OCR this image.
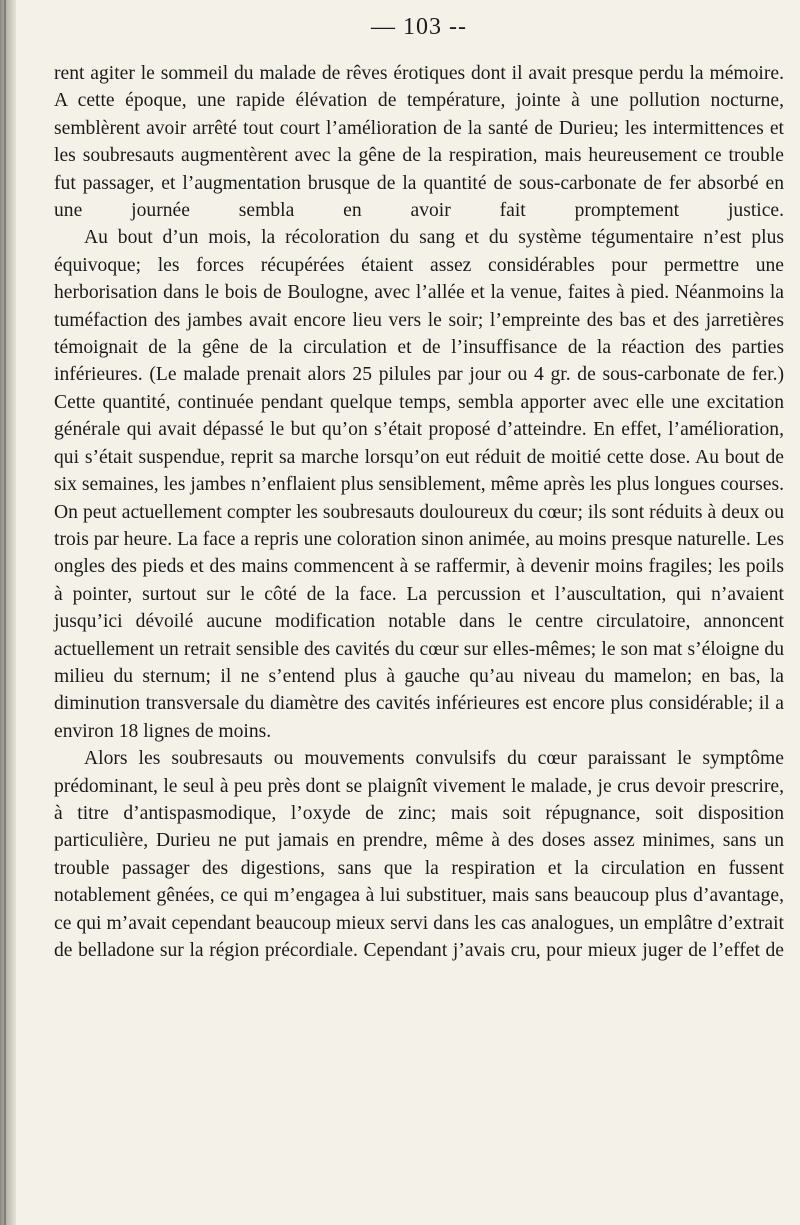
— 103 --

rent agiter le sommeil du malade de rêves érotiques dont il avait presque perdu la mémoire. A cette époque, une rapide élévation de température, jointe à une pollution nocturne, semblèrent avoir arrêté tout court l’amélioration de la santé de Durieu; les intermittences et les soubresauts augmentèrent avec la gêne de la respiration, mais heureusement ce trouble fut passager, et l’augmentation brusque de la quantité de sous-carbonate de fer absorbé en une journée sembla en avoir fait promptement justice.

Au bout d’un mois, la récoloration du sang et du système tégumentaire n’est plus équivoque; les forces récupérées étaient assez considérables pour permettre une herborisation dans le bois de Boulogne, avec l’allée et la venue, faites à pied. Néanmoins la tuméfaction des jambes avait encore lieu vers le soir; l’empreinte des bas et des jarretières témoignait de la gêne de la circulation et de l’insuffisance de la réaction des parties inférieures. (Le malade prenait alors 25 pilules par jour ou 4 gr. de sous-carbonate de fer.) Cette quantité, continuée pendant quelque temps, sembla apporter avec elle une excitation générale qui avait dépassé le but qu’on s’était proposé d’atteindre. En effet, l’amélioration, qui s’était suspendue, reprit sa marche lorsqu’on eut réduit de moitié cette dose. Au bout de six semaines, les jambes n’enflaient plus sensiblement, même après les plus longues courses. On peut actuellement compter les soubresauts douloureux du cœur; ils sont réduits à deux ou trois par heure. La face a repris une coloration sinon animée, au moins presque naturelle. Les ongles des pieds et des mains commencent à se raffermir, à devenir moins fragiles; les poils à pointer, surtout sur le côté de la face. La percussion et l’auscultation, qui n’avaient jusqu’ici dévoilé aucune modification notable dans le centre circulatoire, annoncent actuellement un retrait sensible des cavités du cœur sur elles-mêmes; le son mat s’éloigne du milieu du sternum; il ne s’entend plus à gauche qu’au niveau du mamelon; en bas, la diminution transversale du diamètre des cavités inférieures est encore plus considérable; il a environ 18 lignes de moins.

Alors les soubresauts ou mouvements convulsifs du cœur paraissant le symptôme prédominant, le seul à peu près dont se plaignît vivement le malade, je crus devoir prescrire, à titre d’antispasmodique, l’oxyde de zinc; mais soit répugnance, soit disposition particulière, Durieu ne put jamais en prendre, même à des doses assez minimes, sans un trouble passager des digestions, sans que la respiration et la circulation en fussent notablement gênées, ce qui m’engagea à lui substituer, mais sans beaucoup plus d’avantage, ce qui m’avait cependant beaucoup mieux servi dans les cas analogues, un emplâtre d’extrait de belladone sur la région précordiale. Cependant j’avais cru, pour mieux juger de l’effet de
